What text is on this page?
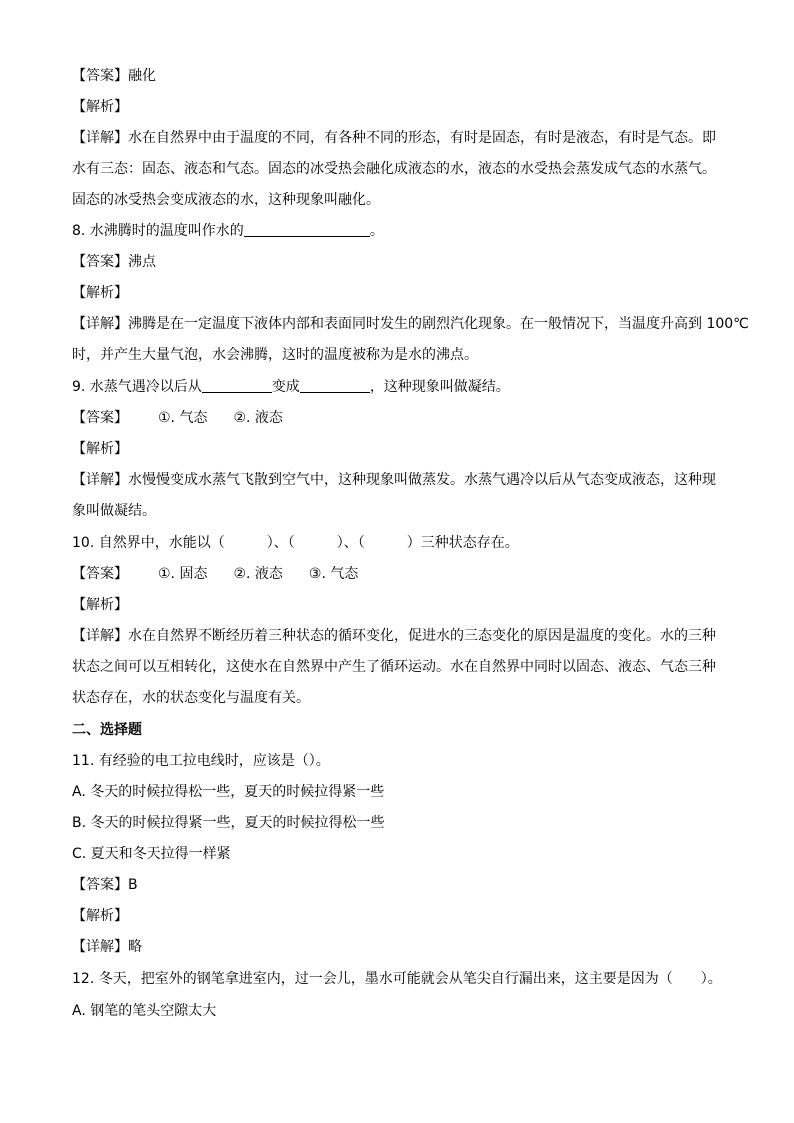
【答案】融化
【解析】
【详解】水在自然界中由于温度的不同，有各种不同的形态，有时是固态，有时是液态，有时是气态。即
水有三态：固态、液态和气态。固态的冰受热会融化成液态的水，液态的水受热会蒸发成气态的水蒸气。
固态的冰受热会变成液态的水，这种现象叫融化。
8. 水沸腾时的温度叫作水的	。
【答案】沸点
【解析】
【详解】沸腾是在一定温度下液体内部和表面同时发生的剧烈汽化现象。在一般情况下，当温度升高到 100℃
时，并产生大量气泡，水会沸腾，这时的温度被称为是水的沸点。
9. 水蒸气遇冷以后从	变成	，这种现象叫做凝结。
【答案】 ①. 气态 ②. 液态
【解析】
【详解】水慢慢变成水蒸气飞散到空气中，这种现象叫做蒸发。水蒸气遇冷以后从气态变成液态，这种现
象叫做凝结。
10. 自然界中，水能以（　　　）、（　　　）、（　　　）三种状态存在。
【答案】 ①. 固态 ②. 液态 ③. 气态
【解析】
【详解】水在自然界不断经历着三种状态的循环变化，促进水的三态变化的原因是温度的变化。水的三种
状态之间可以互相转化，这使水在自然界中产生了循环运动。水在自然界中同时以固态、液态、气态三种
状态存在，水的状态变化与温度有关。
二、选择题
11. 有经验的电工拉电线时，应该是（）。
A. 冬天的时候拉得松一些，夏天的时候拉得紧一些
B. 冬天的时候拉得紧一些，夏天的时候拉得松一些
C. 夏天和冬天拉得一样紧
【答案】B
【解析】
【详解】略
12. 冬天，把室外的钢笔拿进室内，过一会儿，墨水可能就会从笔尖自行漏出来，这主要是因为（　　）。
A. 钢笔的笔头空隙太大
